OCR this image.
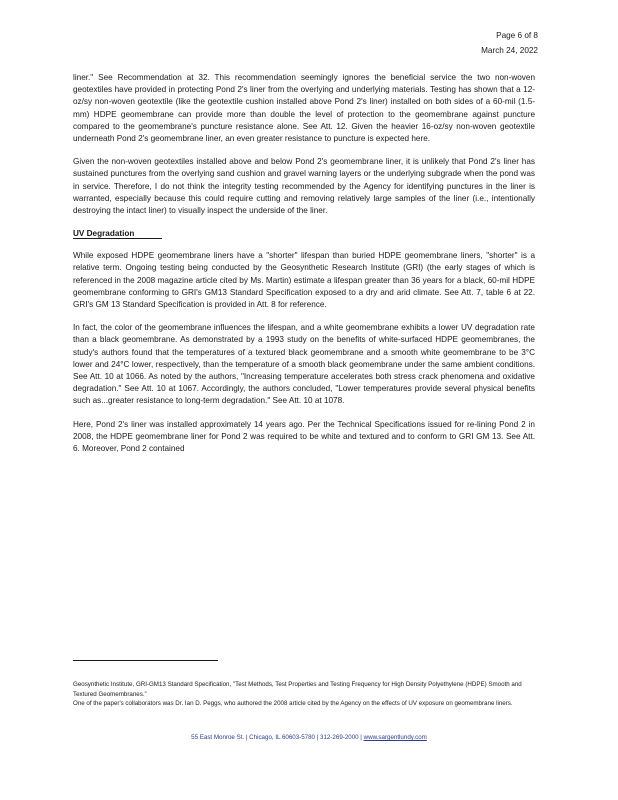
Page 6 of 8
March 24, 2022

liner." See Recommendation at 32. This recommendation seemingly ignores the beneficial service the two non-woven geotextiles have provided in protecting Pond 2's liner from the overlying and underlying materials. Testing has shown that a 12-oz/sy non-woven geotextile (like the geotextile cushion installed above Pond 2's liner) installed on both sides of a 60-mil (1.5-mm) HDPE geomembrane can provide more than double the level of protection to the geomembrane against puncture compared to the geomembrane's puncture resistance alone. See Att. 12. Given the heavier 16-oz/sy non-woven geotextile underneath Pond 2's geomembrane liner, an even greater resistance to puncture is expected here.

Given the non-woven geotextiles installed above and below Pond 2's geomembrane liner, it is unlikely that Pond 2's liner has sustained punctures from the overlying sand cushion and gravel warning layers or the underlying subgrade when the pond was in service. Therefore, I do not think the integrity testing recommended by the Agency for identifying punctures in the liner is warranted, especially because this could require cutting and removing relatively large samples of the liner (i.e., intentionally destroying the intact liner) to visually inspect the underside of the liner.

UV Degradation

While exposed HDPE geomembrane liners have a "shorter" lifespan than buried HDPE geomembrane liners, "shorter" is a relative term. Ongoing testing being conducted by the Geosynthetic Research Institute (GRI) (the early stages of which is referenced in the 2008 magazine article cited by Ms. Martin) estimate a lifespan greater than 36 years for a black, 60-mil HDPE geomembrane conforming to GRI's GM13 Standard Specification exposed to a dry and arid climate. See Att. 7, table 6 at 22. GRI's GM 13 Standard Specification is provided in Att. 8 for reference.

In fact, the color of the geomembrane influences the lifespan, and a white geomembrane exhibits a lower UV degradation rate than a black geomembrane. As demonstrated by a 1993 study on the benefits of white-surfaced HDPE geomembranes, the study's authors found that the temperatures of a textured black geomembrane and a smooth white geomembrane to be 3°C lower and 24°C lower, respectively, than the temperature of a smooth black geomembrane under the same ambient conditions. See Att. 10 at 1066. As noted by the authors, "Increasing temperature accelerates both stress crack phenomena and oxidative degradation." See Att. 10 at 1067. Accordingly, the authors concluded, "Lower temperatures provide several physical benefits such as...greater resistance to long-term degradation." See Att. 10 at 1078.

Here, Pond 2's liner was installed approximately 14 years ago. Per the Technical Specifications issued for re-lining Pond 2 in 2008, the HDPE geomembrane liner for Pond 2 was required to be white and textured and to conform to GRI GM 13. See Att. 6. Moreover, Pond 2 contained

Geosynthetic Institute, GRI-GM13 Standard Specification, "Test Methods, Test Properties and Testing Frequency for High Density Polyethylene (HDPE) Smooth and Textured Geomembranes."
One of the paper's collaborators was Dr. Ian D. Peggs, who authored the 2008 article cited by the Agency on the effects of UV exposure on geomembrane liners.
55 East Monroe St. | Chicago, IL 60603-5780 | 312-269-2000 | www.sargentlundy.com
